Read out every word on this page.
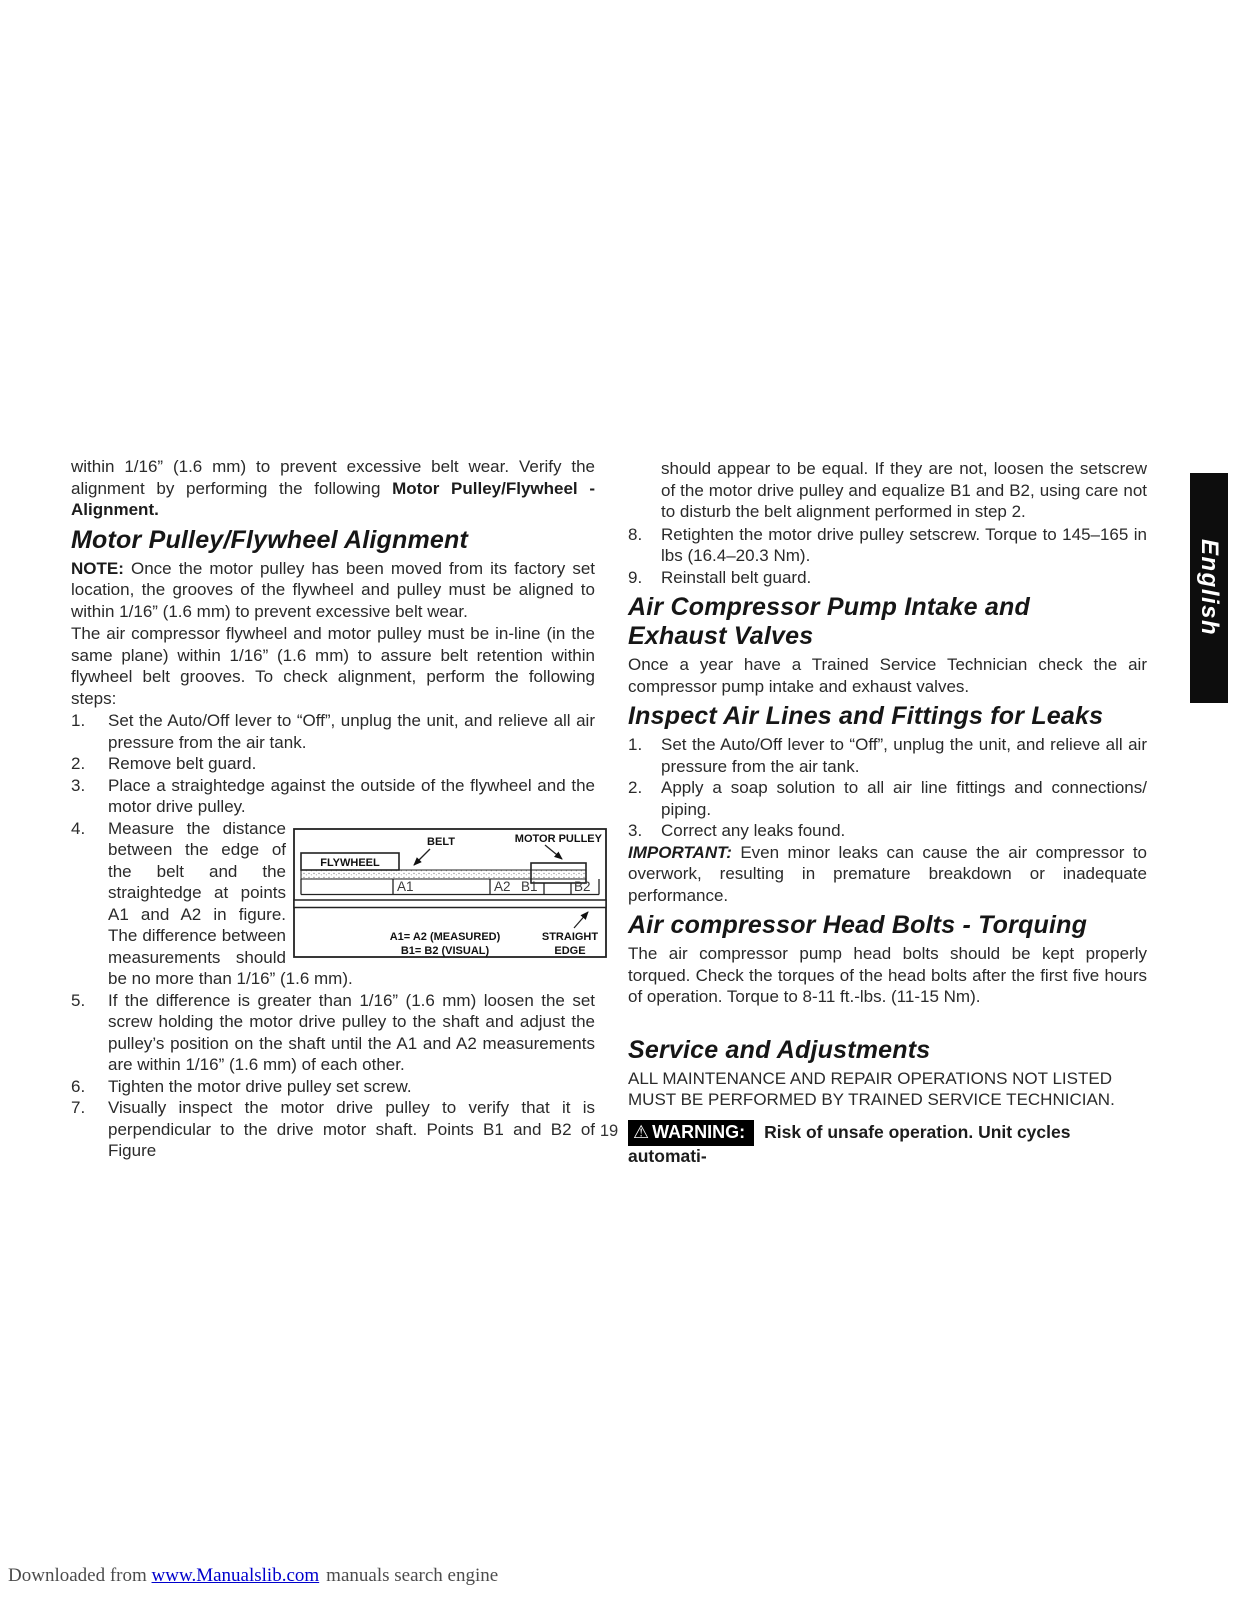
within 1/16” (1.6 mm) to prevent excessive belt wear. Verify the alignment by performing the following Motor Pulley/Flywheel - Alignment.

Motor Pulley/Flywheel Alignment

NOTE: Once the motor pulley has been moved from its factory set location, the grooves of the flywheel and pulley must be aligned to within 1/16” (1.6 mm) to prevent excessive belt wear.

The air compressor flywheel and motor pulley must be in-line (in the same plane) within 1/16” (1.6 mm) to assure belt retention within flywheel belt grooves. To check alignment, perform the following steps:

1.	Set the Auto/Off lever to “Off”, unplug the unit, and relieve all air pressure from the air tank.
2.	Remove belt guard.
3.	Place a straightedge against the outside of the flywheel and the motor drive pulley.
4.
FLYWHEEL
A1	A2 B1	B2
BELT	MOTOR PULLEY
A1= A2 (MEASURED)
B1= B2 (VISUAL)
STRAIGHT
EDGE
Measure the distance between the edge of the belt and the straightedge at points A1 and A2 in figure. The difference between measurements should be no more than 1/16” (1.6 mm).
5.	If the difference is greater than 1/16” (1.6 mm) loosen the set screw holding the motor drive pulley to the shaft and adjust the pulley’s position on the shaft until the A1 and A2 measurements are within 1/16” (1.6 mm) of each other.
6.	Tighten the motor drive pulley set screw.
7.	Visually inspect the motor drive pulley to verify that it is perpendicular to the drive motor shaft. Points B1 and B2 of Figure

should appear to be equal. If they are not, loosen the setscrew of the motor drive pulley and equalize B1 and B2, using care not to disturb the belt alignment performed in step 2.

8.	Retighten the motor drive pulley setscrew. Torque to 145–165 in lbs (16.4–20.3 Nm).
9.	Reinstall belt guard.
Air Compressor Pump Intake and Exhaust Valves

Once a year have a Trained Service Technician check the air compressor pump intake and exhaust valves.

Inspect Air Lines and Fittings for Leaks
1.	Set the Auto/Off lever to “Off”, unplug the unit, and relieve all air pressure from the air tank.
2.	Apply a soap solution to all air line fittings and connections/ piping.
3.	Correct any leaks found.

IMPORTANT: Even minor leaks can cause the air compressor to overwork, resulting in premature breakdown or inadequate performance.

Air compressor Head Bolts - Torquing

The air compressor pump head bolts should be kept properly torqued. Check the torques of the head bolts after the first five hours of operation. Torque to 8-11 ft.-lbs. (11-15 Nm).

Service and Adjustments

ALL MAINTENANCE AND REPAIR OPERATIONS NOT LISTED MUST BE PERFORMED BY TRAINED SERVICE TECHNICIAN.

⚠ WARNING: Risk of unsafe operation. Unit cycles automati-

19
English
Downloaded from www.Manualslib.com manuals search engine
